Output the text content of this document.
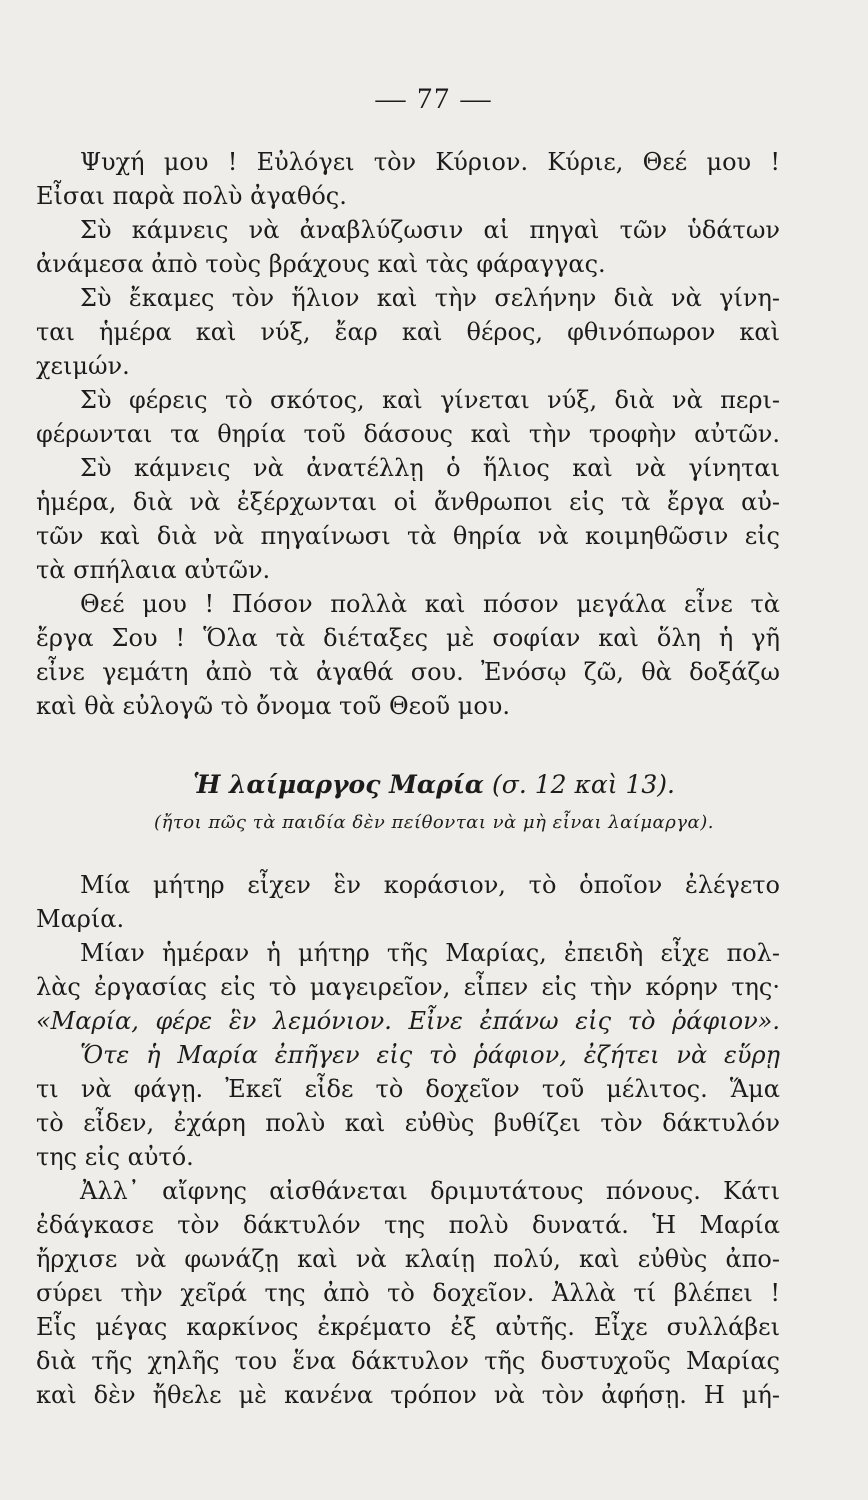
— 77 —
Ψυχή μου ! Εὐλόγει τὸν Κύριον. Κύριε, Θεέ μου !
Εἶσαι παρὰ πολὺ ἀγαθός.
Σὺ κάμνεις νὰ ἀναβλύζωσιν αἱ πηγαὶ τῶν ὑδάτων
ἀνάμεσα ἀπὸ τοὺς βράχους καὶ τὰς φάραγγας.
Σὺ ἔκαμες τὸν ἥλιον καὶ τὴν σελήνην διὰ νὰ γίνη-
ται ἡμέρα καὶ νύξ, ἔαρ καὶ θέρος, φθινόπωρον καὶ
χειμών.
Σὺ φέρεις τὸ σκότος, καὶ γίνεται νύξ, διὰ νὰ περι-
φέρωνται τα θηρία τοῦ δάσους καὶ τὴν τροφὴν αὐτῶν.
Σὺ κάμνεις νὰ ἀνατέλλῃ ὁ ἥλιος καὶ νὰ γίνηται
ἡμέρα, διὰ νὰ ἐξέρχωνται οἱ ἄνθρωποι εἰς τὰ ἔργα αὐ-
τῶν καὶ διὰ νὰ πηγαίνωσι τὰ θηρία νὰ κοιμηθῶσιν εἰς
τὰ σπήλαια αὐτῶν.
Θεέ μου ! Πόσον πολλὰ καὶ πόσον μεγάλα εἶνε τὰ
ἔργα Σου ! Ὅλα τὰ διέταξες μὲ σοφίαν καὶ ὅλη ἡ γῆ
εἶνε γεμάτη ἀπὸ τὰ ἀγαθά σου. Ἐνόσῳ ζῶ, θὰ δοξάζω
καὶ θὰ εὐλογῶ τὸ ὄνομα τοῦ Θεοῦ μου.
Ἡ λαίμαργος Μαρία (σ. 12 καὶ 13).
(ἤτοι πῶς τὰ παιδία δὲν πείθονται νὰ μὴ εἶναι λαίμαργα).
Μία μήτηρ εἶχεν ἓν κοράσιον, τὸ ὁποῖον ἐλέγετο
Μαρία.
Μίαν ἡμέραν ἡ μήτηρ τῆς Μαρίας, ἐπειδὴ εἶχε πολ-
λὰς ἐργασίας εἰς τὸ μαγειρεῖον, εἶπεν εἰς τὴν κόρην της·
«Μαρία, φέρε ἓν λεμόνιον. Εἶνε ἐπάνω εἰς τὸ ῥάφιον».
Ὅτε ἡ Μαρία ἐπῆγεν εἰς τὸ ῥάφιον, ἐζήτει νὰ εὕρῃ
τι νὰ φάγῃ. Ἐκεῖ εἶδε τὸ δοχεῖον τοῦ μέλιτος. Ἅμα
τὸ εἶδεν, ἐχάρη πολὺ καὶ εὐθὺς βυθίζει τὸν δάκτυλόν
της εἰς αὐτό.
Ἀλλ᾽ αἴφνης αἰσθάνεται δριμυτάτους πόνους. Κάτι
ἐδάγκασε τὸν δάκτυλόν της πολὺ δυνατά. Ἡ Μαρία
ἤρχισε νὰ φωνάζῃ καὶ νὰ κλαίῃ πολύ, καὶ εὐθὺς ἀπο-
σύρει τὴν χεῖρά της ἀπὸ τὸ δοχεῖον. Ἀλλὰ τί βλέπει !
Εἷς μέγας καρκίνος ἐκρέματο ἐξ αὐτῆς. Εἶχε συλλάβει
διὰ τῆς χηλῆς του ἕνα δάκτυλον τῆς δυστυχοῦς Μαρίας
καὶ δὲν ἤθελε μὲ κανένα τρόπον νὰ τὸν ἀφήσῃ. Η μή-
